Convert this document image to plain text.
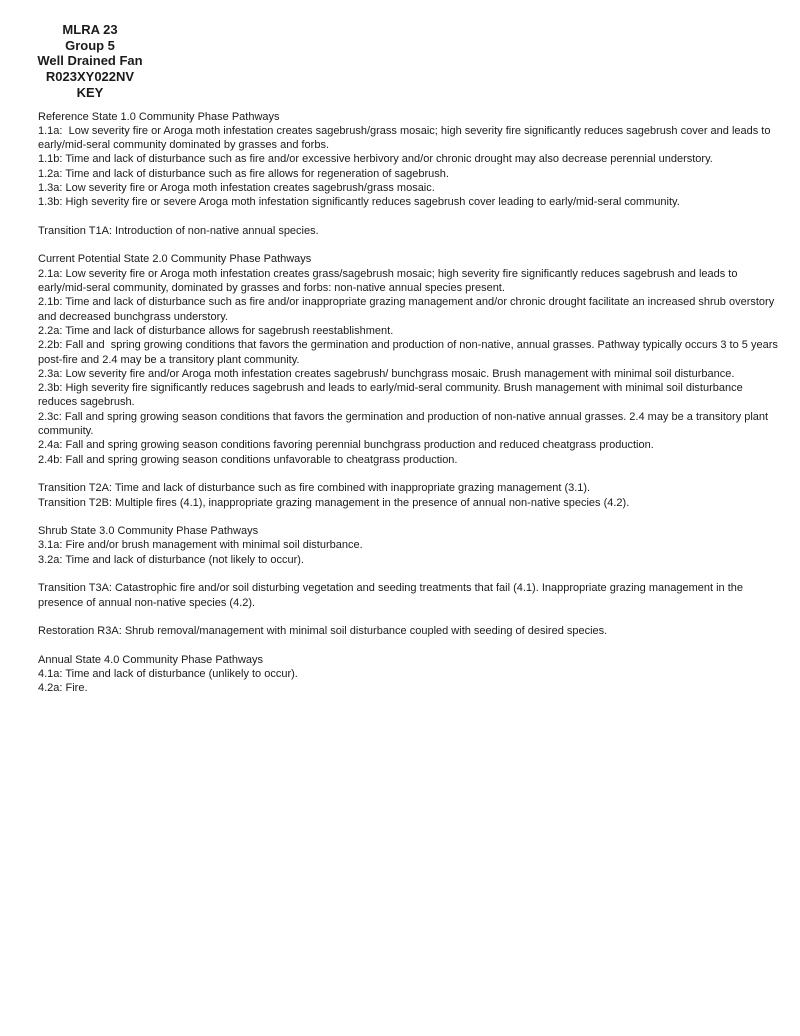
MLRA 23
Group 5
Well Drained Fan
R023XY022NV
KEY
Reference State 1.0 Community Phase Pathways
1.1a:  Low severity fire or Aroga moth infestation creates sagebrush/grass mosaic; high severity fire significantly reduces sagebrush cover and leads to early/mid-seral community dominated by grasses and forbs.
1.1b: Time and lack of disturbance such as fire and/or excessive herbivory and/or chronic drought may also decrease perennial understory.
1.2a: Time and lack of disturbance such as fire allows for regeneration of sagebrush.
1.3a: Low severity fire or Aroga moth infestation creates sagebrush/grass mosaic.
1.3b: High severity fire or severe Aroga moth infestation significantly reduces sagebrush cover leading to early/mid-seral community.
Transition T1A: Introduction of non-native annual species.
Current Potential State 2.0 Community Phase Pathways
2.1a: Low severity fire or Aroga moth infestation creates grass/sagebrush mosaic; high severity fire significantly reduces sagebrush and leads to early/mid-seral community, dominated by grasses and forbs: non-native annual species present.
2.1b: Time and lack of disturbance such as fire and/or inappropriate grazing management and/or chronic drought facilitate an increased shrub overstory and decreased bunchgrass understory.
2.2a: Time and lack of disturbance allows for sagebrush reestablishment.
2.2b: Fall and  spring growing conditions that favors the germination and production of non-native, annual grasses. Pathway typically occurs 3 to 5 years post-fire and 2.4 may be a transitory plant community.
2.3a: Low severity fire and/or Aroga moth infestation creates sagebrush/ bunchgrass mosaic. Brush management with minimal soil disturbance.
2.3b: High severity fire significantly reduces sagebrush and leads to early/mid-seral community. Brush management with minimal soil disturbance reduces sagebrush.
2.3c: Fall and spring growing season conditions that favors the germination and production of non-native annual grasses. 2.4 may be a transitory plant community.
2.4a: Fall and spring growing season conditions favoring perennial bunchgrass production and reduced cheatgrass production.
2.4b: Fall and spring growing season conditions unfavorable to cheatgrass production.
Transition T2A: Time and lack of disturbance such as fire combined with inappropriate grazing management (3.1).
Transition T2B: Multiple fires (4.1), inappropriate grazing management in the presence of annual non-native species (4.2).
Shrub State 3.0 Community Phase Pathways
3.1a: Fire and/or brush management with minimal soil disturbance.
3.2a: Time and lack of disturbance (not likely to occur).
Transition T3A: Catastrophic fire and/or soil disturbing vegetation and seeding treatments that fail (4.1). Inappropriate grazing management in the presence of annual non-native species (4.2).
Restoration R3A: Shrub removal/management with minimal soil disturbance coupled with seeding of desired species.
Annual State 4.0 Community Phase Pathways
4.1a: Time and lack of disturbance (unlikely to occur).
4.2a: Fire.
